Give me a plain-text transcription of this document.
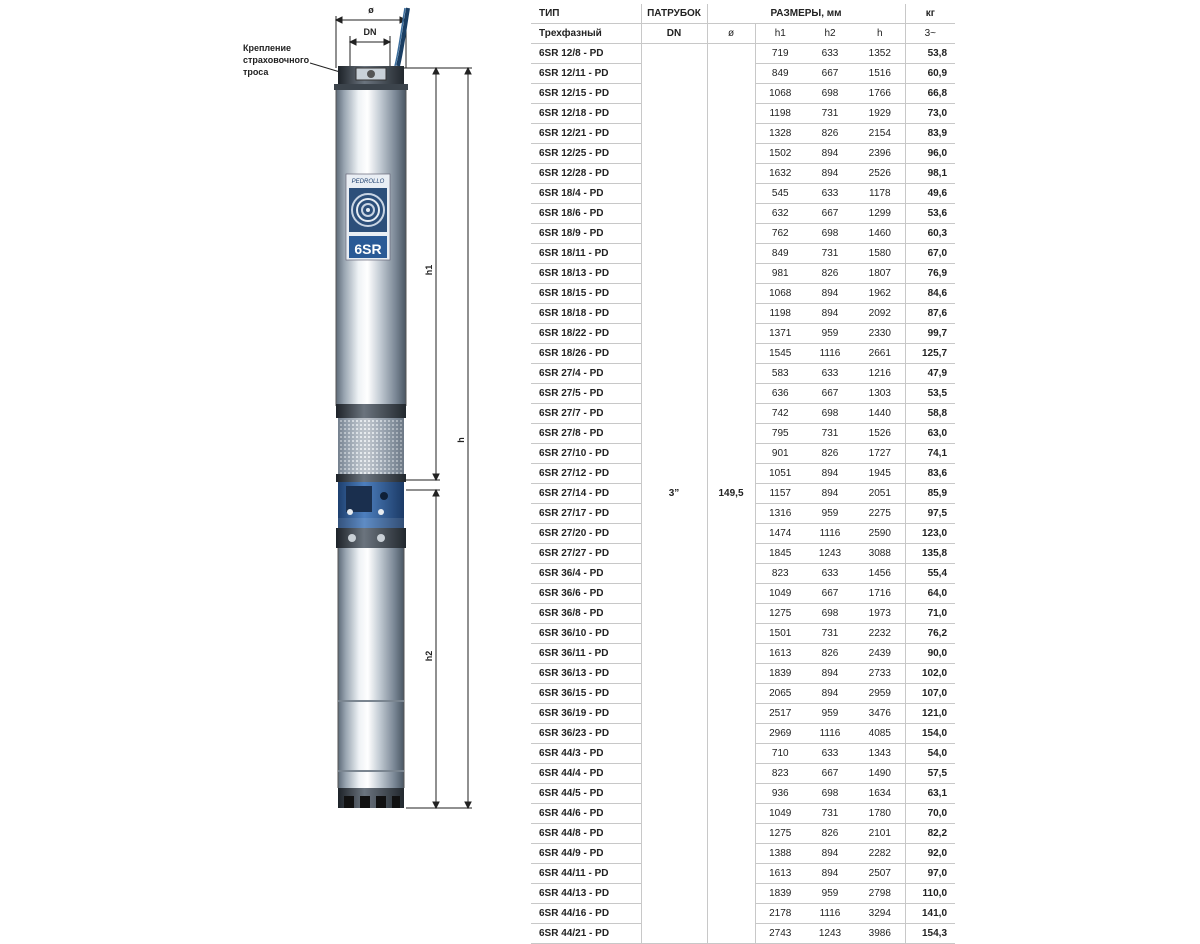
ø
DN
Крепление
страховочного
троса
PEDROLLO
6SR
h1
h
h2
ТИП	ПАТРУБОК	РАЗМЕРЫ, мм				кг
Трехфазный	DN	ø	h1	h2	h	3~
6SR 12/8 - PD	3”	149,5	719	633	1352	53,8
6SR 12/11 - PD			849	667	1516	60,9
6SR 12/15 - PD			1068	698	1766	66,8
6SR 12/18 - PD			1198	731	1929	73,0
6SR 12/21 - PD			1328	826	2154	83,9
6SR 12/25 - PD			1502	894	2396	96,0
6SR 12/28 - PD			1632	894	2526	98,1
6SR 18/4 - PD			545	633	1178	49,6
6SR 18/6 - PD			632	667	1299	53,6
6SR 18/9 - PD			762	698	1460	60,3
6SR 18/11 - PD			849	731	1580	67,0
6SR 18/13 - PD			981	826	1807	76,9
6SR 18/15 - PD			1068	894	1962	84,6
6SR 18/18 - PD			1198	894	2092	87,6
6SR 18/22 - PD			1371	959	2330	99,7
6SR 18/26 - PD			1545	1116	2661	125,7
6SR 27/4 - PD			583	633	1216	47,9
6SR 27/5 - PD			636	667	1303	53,5
6SR 27/7 - PD			742	698	1440	58,8
6SR 27/8 - PD			795	731	1526	63,0
6SR 27/10 - PD			901	826	1727	74,1
6SR 27/12 - PD			1051	894	1945	83,6
6SR 27/14 - PD			1157	894	2051	85,9
6SR 27/17 - PD			1316	959	2275	97,5
6SR 27/20 - PD			1474	1116	2590	123,0
6SR 27/27 - PD			1845	1243	3088	135,8
6SR 36/4 - PD			823	633	1456	55,4
6SR 36/6 - PD			1049	667	1716	64,0
6SR 36/8 - PD			1275	698	1973	71,0
6SR 36/10 - PD			1501	731	2232	76,2
6SR 36/11 - PD			1613	826	2439	90,0
6SR 36/13 - PD			1839	894	2733	102,0
6SR 36/15 - PD			2065	894	2959	107,0
6SR 36/19 - PD			2517	959	3476	121,0
6SR 36/23 - PD			2969	1116	4085	154,0
6SR 44/3 - PD			710	633	1343	54,0
6SR 44/4 - PD			823	667	1490	57,5
6SR 44/5 - PD			936	698	1634	63,1
6SR 44/6 - PD			1049	731	1780	70,0
6SR 44/8 - PD			1275	826	2101	82,2
6SR 44/9 - PD			1388	894	2282	92,0
6SR 44/11 - PD			1613	894	2507	97,0
6SR 44/13 - PD			1839	959	2798	110,0
6SR 44/16 - PD			2178	1116	3294	141,0
6SR 44/21 - PD			2743	1243	3986	154,3
